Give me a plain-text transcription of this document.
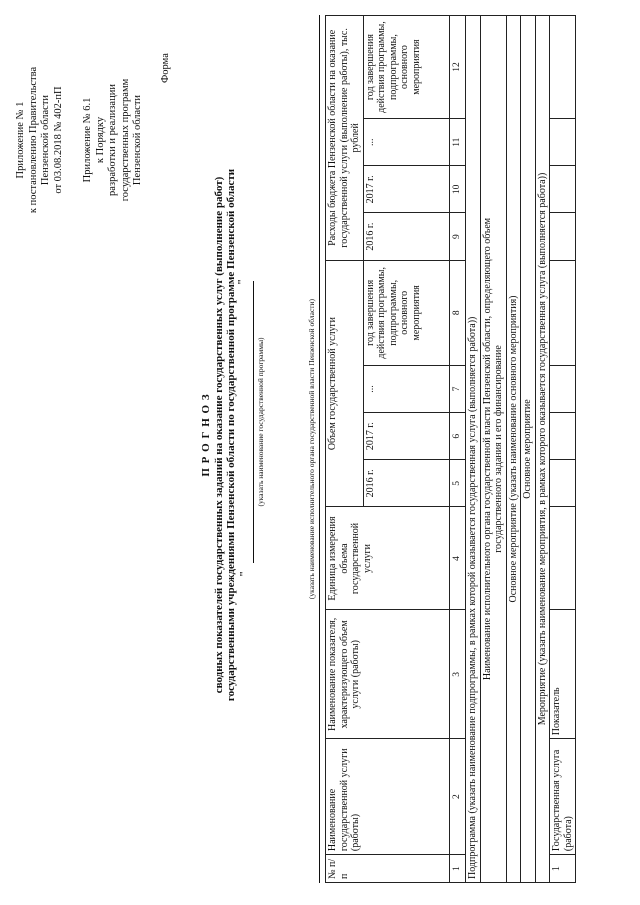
Приложение № 1 к постановлению Правительства Пензенской области от 03.08.2018 № 402-пП Приложение № 6.1 к Порядку разработки и реализации государственных программ Пензенской области
Форма
П Р О Г Н О З сводных показателей государственных заданий на оказание государственных услуг (выполнение работ) государственными учреждениями Пензенской области по государственной программе Пензенской области "
"
(указать наименование государственной программы)	(указать наименование исполнительного органа государственной власти Пензенской области)
№ п/п	Наименование государственной услуги (работы)	Наименование показателя, характеризующего объем услуги (работы)	Единица измерения объема государственной услуги	Объем государственной услуги				Расходы бюджета Пензенской области на оказание государственной услуги (выполнение работы), тыс. рублей			
				2016 г.	2017 г.	...	год завершения действия программы, подпрограммы, основного мероприятия	2016 г.	2017 г.	...	год завершения действия программы, подпрограммы, основного мероприятия
1	2	3	4	5	6	7	8	9	10	11	12
Подпрограмма (указать наименование подпрограммы, в рамках которой оказывается государственная услуга (выполняется работа))											

Наименование исполнительного органа государственной власти Пензенской области, определяющего объем государственного задания и его финансирование											

Основное мероприятие (указать наименование основного мероприятия)											
Основное мероприятие											
Мероприятие (указать наименование мероприятия, в рамках которого оказывается государственная услуга (выполняется работа))											
1	Государственная услуга (работа)	Показатель									
